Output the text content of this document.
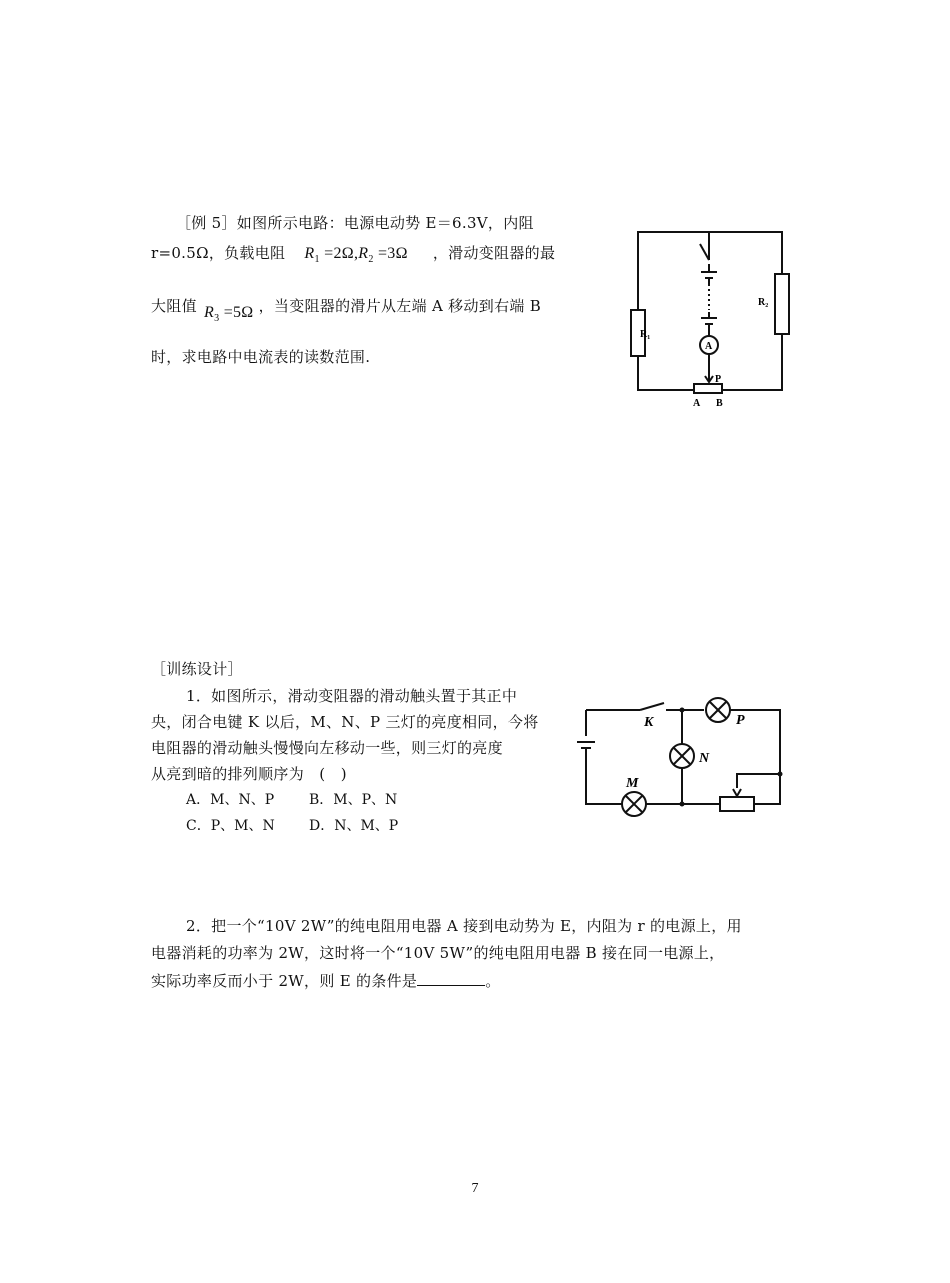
［例 5］如图所示电路：电源电动势 E＝6.3V，内阻
r=0.5Ω，负载电阻 $R_1 =2\Omega,R_2 =3\Omega$ ，滑动变阻器的最
大阻值 $R_3 =5\Omega$ ，当变阻器的滑片从左端 A 移动到右端 B
时，求电路中电流表的读数范围.
R₁
R₂
A
P
A B
［训练设计］
1．如图所示，滑动变阻器的滑动触头置于其正中
央，闭合电键 K 以后，M、N、P 三灯的亮度相同，今将
电阻器的滑动触头慢慢向左移动一些，则三灯的亮度
从亮到暗的排列顺序为　(　)
A．M、N、P B．M、P、N
C．P、M、N D．N、M、P
K	P
N
M
2．把一个“10V 2W”的纯电阻用电器 A 接到电动势为 E，内阻为 r 的电源上，用
电器消耗的功率为 2W，这时将一个“10V 5W”的纯电阻用电器 B 接在同一电源上，
实际功率反而小于 2W，则 E 的条件是	。
7
